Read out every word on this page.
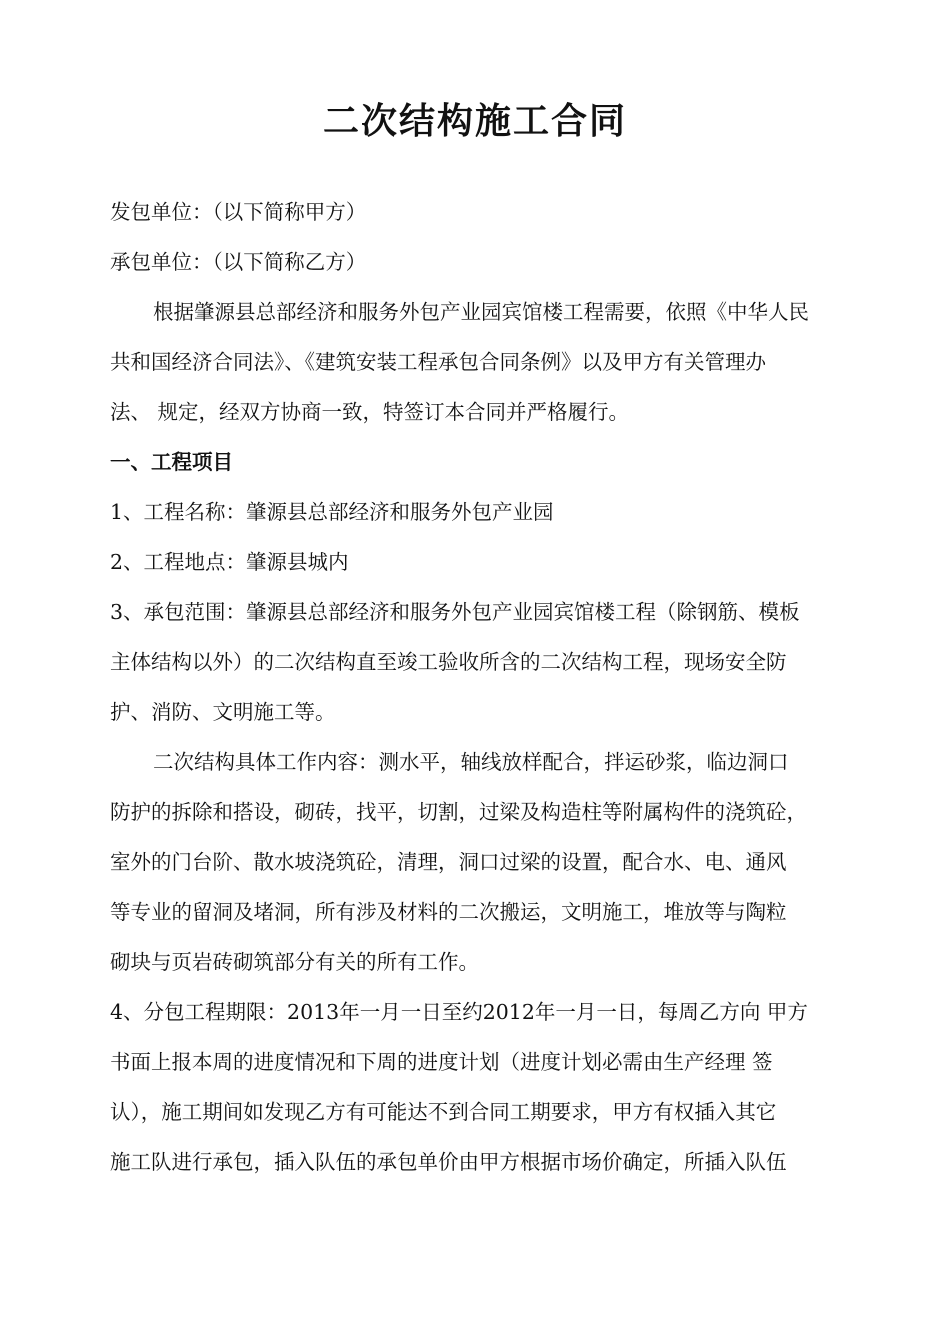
二次结构施工合同
发包单位：（以下简称甲方）
承包单位：（以下简称乙方）
根据肇源县总部经济和服务外包产业园宾馆楼工程需要，依照《中华人民
共和国经济合同法》、《建筑安装工程承包合同条例》以及甲方有关管理办
法、 规定，经双方协商一致，特签订本合同并严格履行。
一、工程项目
1、工程名称：肇源县总部经济和服务外包产业园
2、工程地点：肇源县城内
3、承包范围：肇源县总部经济和服务外包产业园宾馆楼工程（除钢筋、模板
主体结构以外）的二次结构直至竣工验收所含的二次结构工程，现场安全防
护、消防、文明施工等。
二次结构具体工作内容：测水平，轴线放样配合，拌运砂浆，临边洞口
防护的拆除和搭设，砌砖，找平，切割，过梁及构造柱等附属构件的浇筑砼，
室外的门台阶、散水坡浇筑砼，清理，洞口过梁的设置，配合水、电、通风
等专业的留洞及堵洞，所有涉及材料的二次搬运，文明施工，堆放等与陶粒
砌块与页岩砖砌筑部分有关的所有工作。
4、分包工程期限：2013年一月一日至约2012年一月一日，每周乙方向 甲方
书面上报本周的进度情况和下周的进度计划（进度计划必需由生产经理 签
认），施工期间如发现乙方有可能达不到合同工期要求，甲方有权插入其它
施工队进行承包，插入队伍的承包单价由甲方根据市场价确定，所插入队伍
